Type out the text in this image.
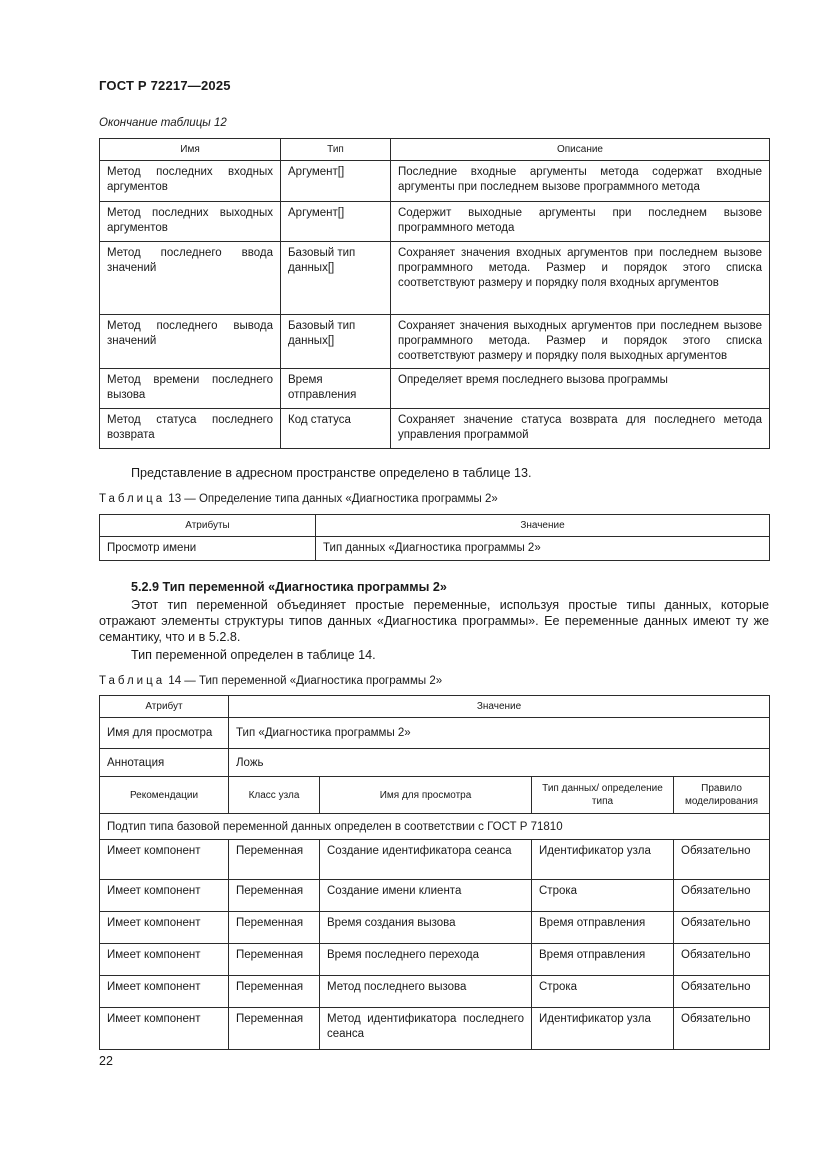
ГОСТ Р 72217—2025
Окончание таблицы 12
Имя	Тип	Описание
Метод последних входных аргументов	Аргумент[]	Последние входные аргументы метода содержат входные аргументы при последнем вызове программного метода
Метод последних выходных аргументов	Аргумент[]	Содержит выходные аргументы при последнем вызове программного метода
Метод последнего ввода значений	Базовый тип данных[]	Сохраняет значения входных аргументов при последнем вызове программного метода. Размер и порядок этого списка соответствуют размеру и порядку поля входных аргументов
Метод последнего вывода значений	Базовый тип данных[]	Сохраняет значения выходных аргументов при последнем вызове программного метода. Размер и порядок этого списка соответствуют размеру и порядку поля выходных аргументов
Метод времени последнего вызова	Время отправления	Определяет время последнего вызова программы
Метод статуса последнего возврата	Код статуса	Сохраняет значение статуса возврата для последнего метода управления программой
Представление в адресном пространстве определено в таблице 13.
Таблица 13 — Определение типа данных «Диагностика программы 2»
Атрибуты	Значение
Просмотр имени	Тип данных «Диагностика программы 2»
5.2.9 Тип переменной «Диагностика программы 2»
Этот тип переменной объединяет простые переменные, используя простые типы данных, которые отражают элементы структуры типов данных «Диагностика программы». Ее переменные данных имеют ту же семантику, что и в 5.2.8.
Тип переменной определен в таблице 14.
Таблица 14 — Тип переменной «Диагностика программы 2»
Атрибут	Значение			
Имя для просмотра	Тип «Диагностика программы 2»			
Аннотация	Ложь			
Рекомендации	Класс узла	Имя для просмотра	Тип данных/ определение типа	Правило моделирования
Подтип типа базовой переменной данных определен в соответствии с ГОСТ Р 71810				
Имеет компонент	Переменная	Создание идентификатора сеанса	Идентификатор узла	Обязательно
Имеет компонент	Переменная	Создание имени клиента	Строка	Обязательно
Имеет компонент	Переменная	Время создания вызова	Время отправления	Обязательно
Имеет компонент	Переменная	Время последнего перехода	Время отправления	Обязательно
Имеет компонент	Переменная	Метод последнего вызова	Строка	Обязательно
Имеет компонент	Переменная	Метод идентификатора последнего сеанса	Идентификатор узла	Обязательно
22
